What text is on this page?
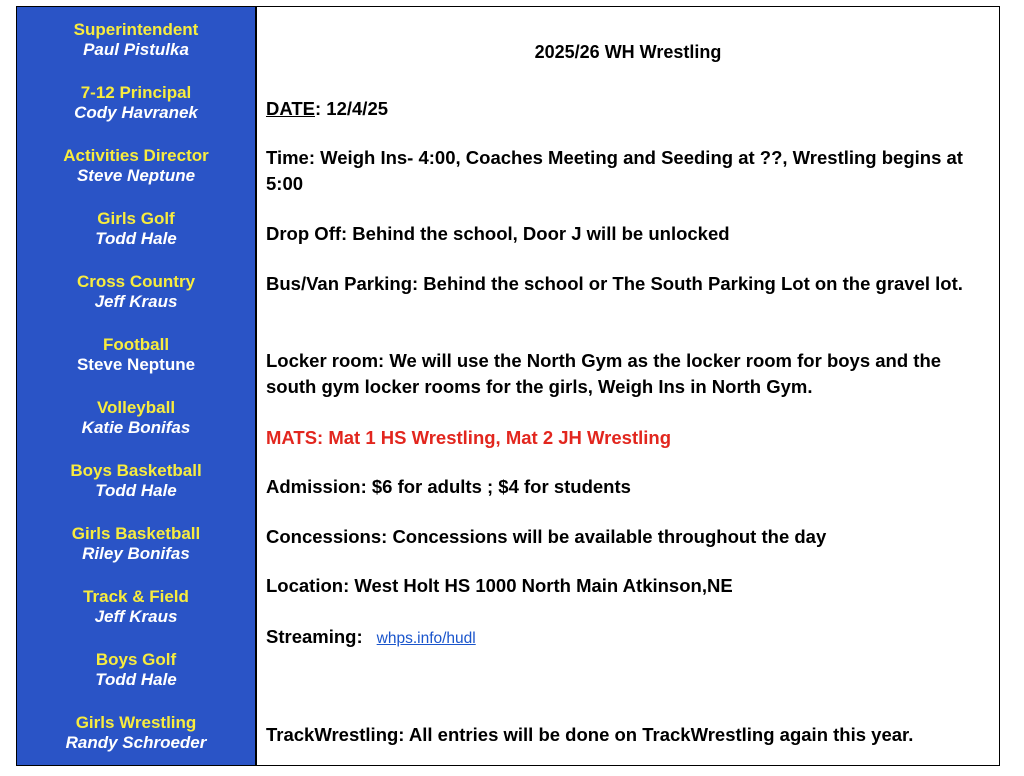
Superintendent
Paul Pistulka
7-12 Principal
Cody Havranek
Activities Director
Steve Neptune
Girls Golf
Todd Hale
Cross Country
Jeff Kraus
Football
Steve Neptune
Volleyball
Katie Bonifas
Boys Basketball
Todd Hale
Girls Basketball
Riley Bonifas
Track & Field
Jeff Kraus
Boys Golf
Todd Hale
Girls Wrestling
Randy Schroeder
2025/26 WH Wrestling

DATE: 12/4/25

Time: Weigh Ins- 4:00, Coaches Meeting and Seeding at ??, Wrestling begins at 5:00

Drop Off: Behind the school, Door J will be unlocked

Bus/Van Parking: Behind the school or The South Parking Lot on the gravel lot.

Locker room: We will use the North Gym as the locker room for boys and the south gym locker rooms for the girls, Weigh Ins in North Gym.

MATS: Mat 1 HS Wrestling, Mat 2 JH Wrestling

Admission: $6 for adults ; $4 for students

Concessions: Concessions will be available throughout the day

Location: West Holt HS 1000 North Main Atkinson,NE

Streaming: whps.info/hudl

TrackWrestling: All entries will be done on TrackWrestling again this year.
